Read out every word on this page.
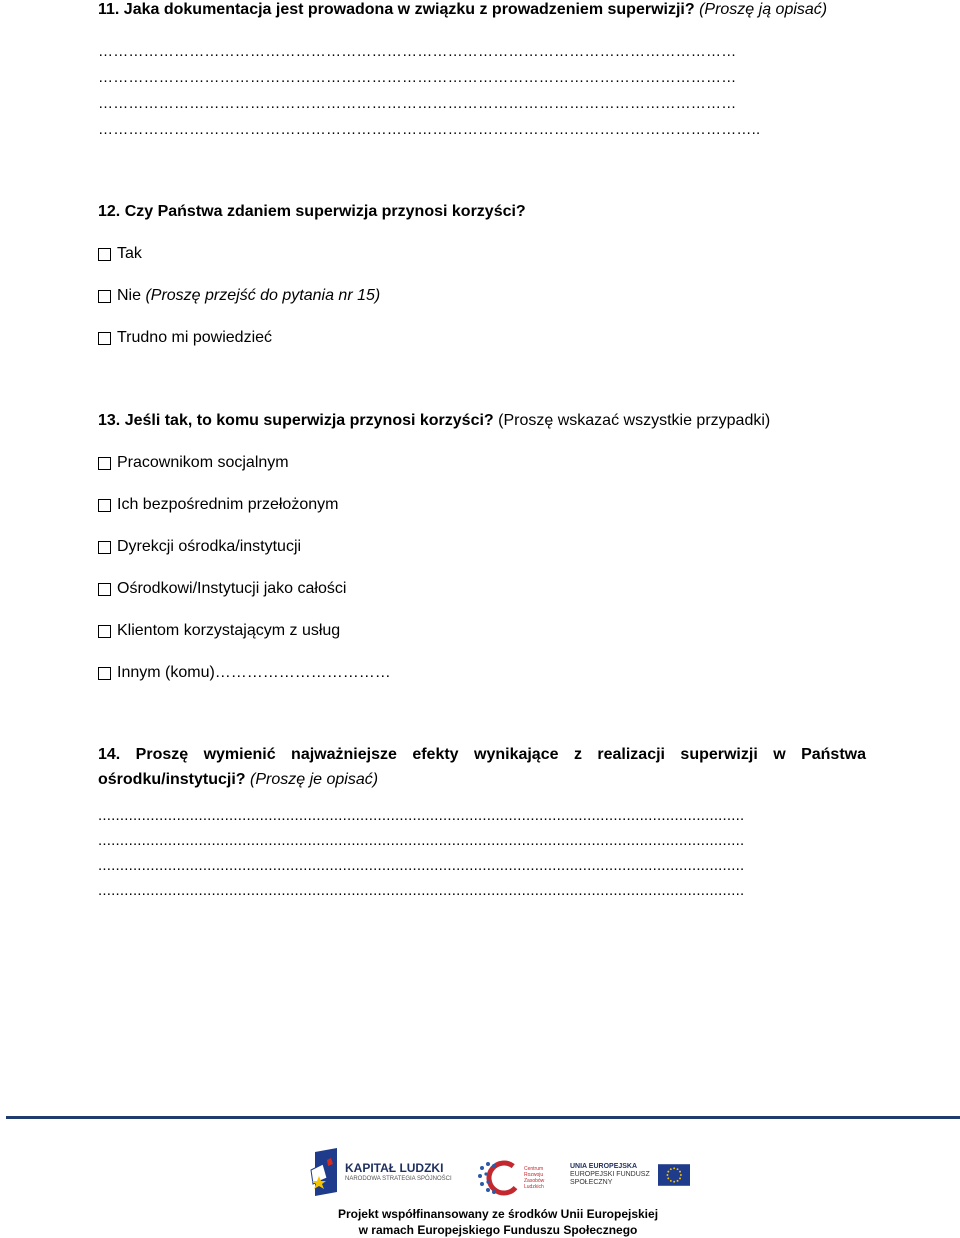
11. Jaka dokumentacja jest prowadona w związku z prowadzeniem superwizji? (Proszę ją opisać)
………………………………………………………………………………………………………………
………………………………………………………………………………………………………………
………………………………………………………………………………………………………………
…………………………………………………………………………………………………………………..
12. Czy Państwa zdaniem superwizja przynosi korzyści?
Tak
Nie (Proszę przejść do pytania nr 15)
Trudno mi powiedzieć
13. Jeśli tak, to komu superwizja przynosi korzyści? (Proszę wskazać wszystkie przypadki)
Pracownikom socjalnym
Ich bezpośrednim przełożonym
Dyrekcji ośrodka/instytucji
Ośrodkowi/Instytucji jako całości
Klientom korzystającym z usług
Innym (komu)……………………………
14. Proszę wymienić najważniejsze efekty wynikające z realizacji superwizji w Państwa
ośrodku/instytucji? (Proszę je opisać)
....................................................................................................................................................
....................................................................................................................................................
....................................................................................................................................................
....................................................................................................................................................
KAPITAŁ LUDZKI
NARODOWA STRATEGIA SPÓJNOŚCI
Centrum Rozwoju Zasobów Ludzkich
UNIA EUROPEJSKA
EUROPEJSKI FUNDUSZ SPOŁECZNY
Projekt współfinansowany ze środków Unii Europejskiej
w ramach Europejskiego Funduszu Społecznego
